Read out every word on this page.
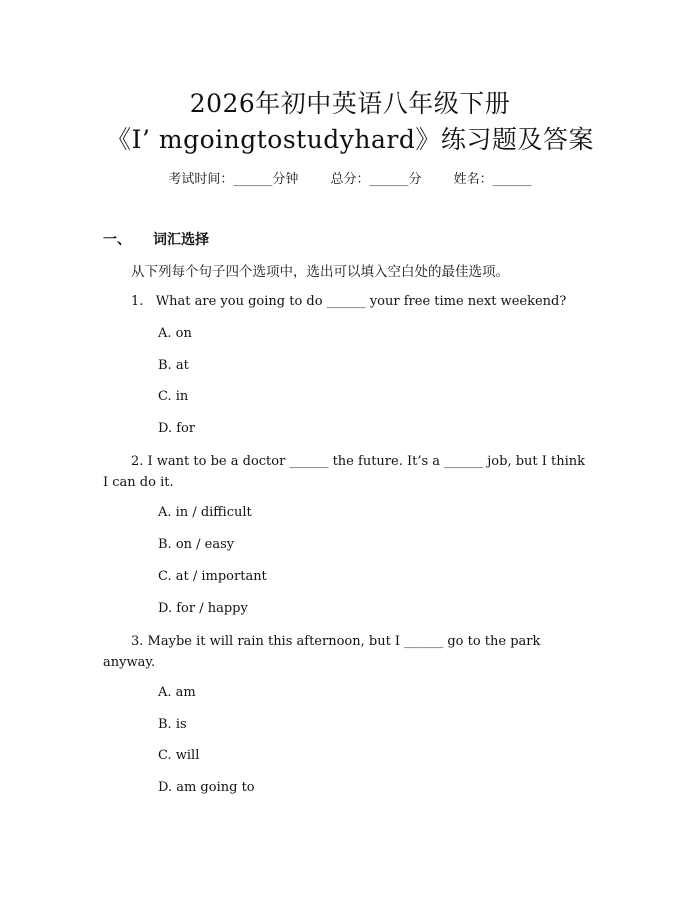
2026年初中英语八年级下册
《I’ mgoingtostudyhard》练习题及答案
考试时间：______分钟 总分：______分 姓名：______
一、 词汇选择
从下列每个句子四个选项中，选出可以填入空白处的最佳选项。
1.   What are you going to do ______ your free time next weekend?
A. on
B. at
C. in
D. for
2. I want to be a doctor ______ the future. It’s a ______ job, but I think I can do it.
A. in / difficult
B. on / easy
C. at / important
D. for / happy
3. Maybe it will rain this afternoon, but I ______ go to the park anyway.
A. am
B. is
C. will
D. am going to
